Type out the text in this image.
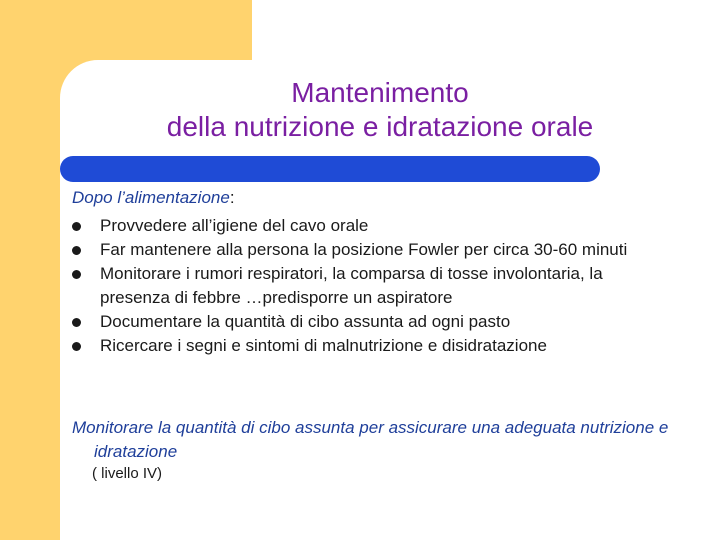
Mantenimento
della nutrizione e idratazione orale
Dopo l’alimentazione:
Provvedere all’igiene del cavo orale
Far mantenere alla persona la posizione Fowler per circa 30-60 minuti
Monitorare i rumori respiratori, la comparsa di tosse involontaria, la presenza di febbre …predisporre un aspiratore
Documentare la quantità di cibo assunta ad ogni pasto
Ricercare i segni e sintomi di malnutrizione e disidratazione
Monitorare la quantità di cibo assunta per assicurare una adeguata nutrizione e idratazione
( livello IV)
